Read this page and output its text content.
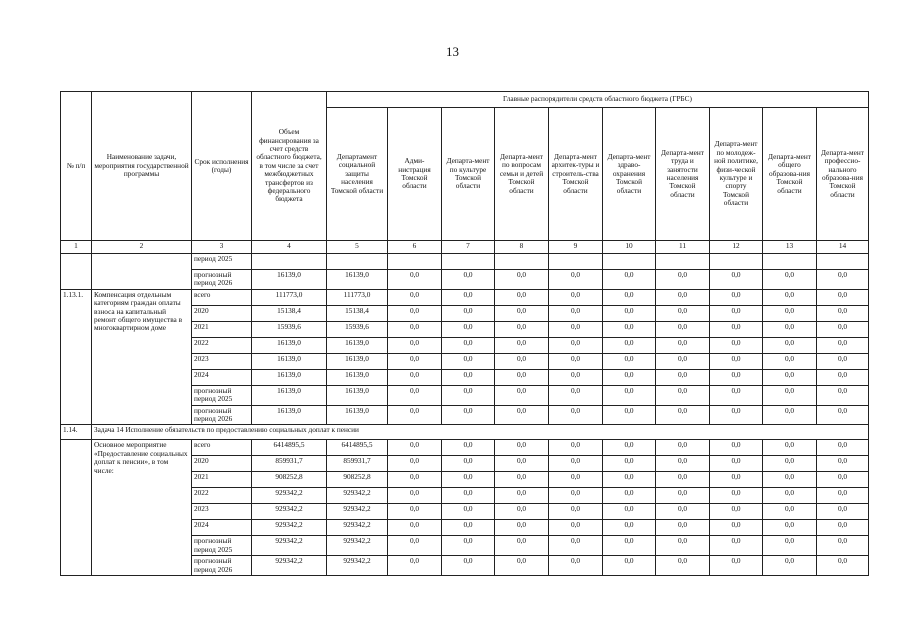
13
№ п/п	Наименование задачи, мероприятия государственной программы	Срок исполнения (годы)	Объем финансирования за счет средств областного бюджета, в том числе за счет межбюджетных трансфертов из федерального бюджета	Главные распорядители средств областного бюджета (ГРБС)									
				Департамент социальной защиты населения Томской области	Адми-нистрация Томской области	Департа-мент по культуре Томской области	Департа-мент по вопросам семьи и детей Томской области	Департа-мент архитек-туры и строитель-ства Томской области	Департа-мент здраво-охранения Томской области	Департа-мент труда и занятости населения Томской области	Департа-мент по молодеж-ной политике, физи-ческой культуре и спорту Томской области	Департа-мент общего образова-ния Томской области	Департа-мент профессио-нального образова-ния Томской области
1	2	3	4	5	6	7	8	9	10	11	12	13	14
		период 2025											
		прогнозный период 2026	16139,0	16139,0	0,0	0,0	0,0	0,0	0,0	0,0	0,0	0,0	0,0
1.13.1.	Компенсация отдельным категориям граждан оплаты взноса на капитальный ремонт общего имущества в многоквартирном доме	всего	111773,0	111773,0	0,0	0,0	0,0	0,0	0,0	0,0	0,0	0,0	0,0
		2020	15138,4	15138,4	0,0	0,0	0,0	0,0	0,0	0,0	0,0	0,0	0,0
		2021	15939,6	15939,6	0,0	0,0	0,0	0,0	0,0	0,0	0,0	0,0	0,0
		2022	16139,0	16139,0	0,0	0,0	0,0	0,0	0,0	0,0	0,0	0,0	0,0
		2023	16139,0	16139,0	0,0	0,0	0,0	0,0	0,0	0,0	0,0	0,0	0,0
		2024	16139,0	16139,0	0,0	0,0	0,0	0,0	0,0	0,0	0,0	0,0	0,0
		прогнозный период 2025	16139,0	16139,0	0,0	0,0	0,0	0,0	0,0	0,0	0,0	0,0	0,0
		прогнозный период 2026	16139,0	16139,0	0,0	0,0	0,0	0,0	0,0	0,0	0,0	0,0	0,0
1.14.	Задача 14 Исполнение обязательств по предоставлению социальных доплат к пенсии												
	Основное мероприятие «Предоставление социальных доплат к пенсии», в том числе:	всего	6414895,5	6414895,5	0,0	0,0	0,0	0,0	0,0	0,0	0,0	0,0	0,0
		2020	859931,7	859931,7	0,0	0,0	0,0	0,0	0,0	0,0	0,0	0,0	0,0
		2021	908252,8	908252,8	0,0	0,0	0,0	0,0	0,0	0,0	0,0	0,0	0,0
		2022	929342,2	929342,2	0,0	0,0	0,0	0,0	0,0	0,0	0,0	0,0	0,0
		2023	929342,2	929342,2	0,0	0,0	0,0	0,0	0,0	0,0	0,0	0,0	0,0
		2024	929342,2	929342,2	0,0	0,0	0,0	0,0	0,0	0,0	0,0	0,0	0,0
		прогнозный период 2025	929342,2	929342,2	0,0	0,0	0,0	0,0	0,0	0,0	0,0	0,0	0,0
		прогнозный период 2026	929342,2	929342,2	0,0	0,0	0,0	0,0	0,0	0,0	0,0	0,0	0,0
